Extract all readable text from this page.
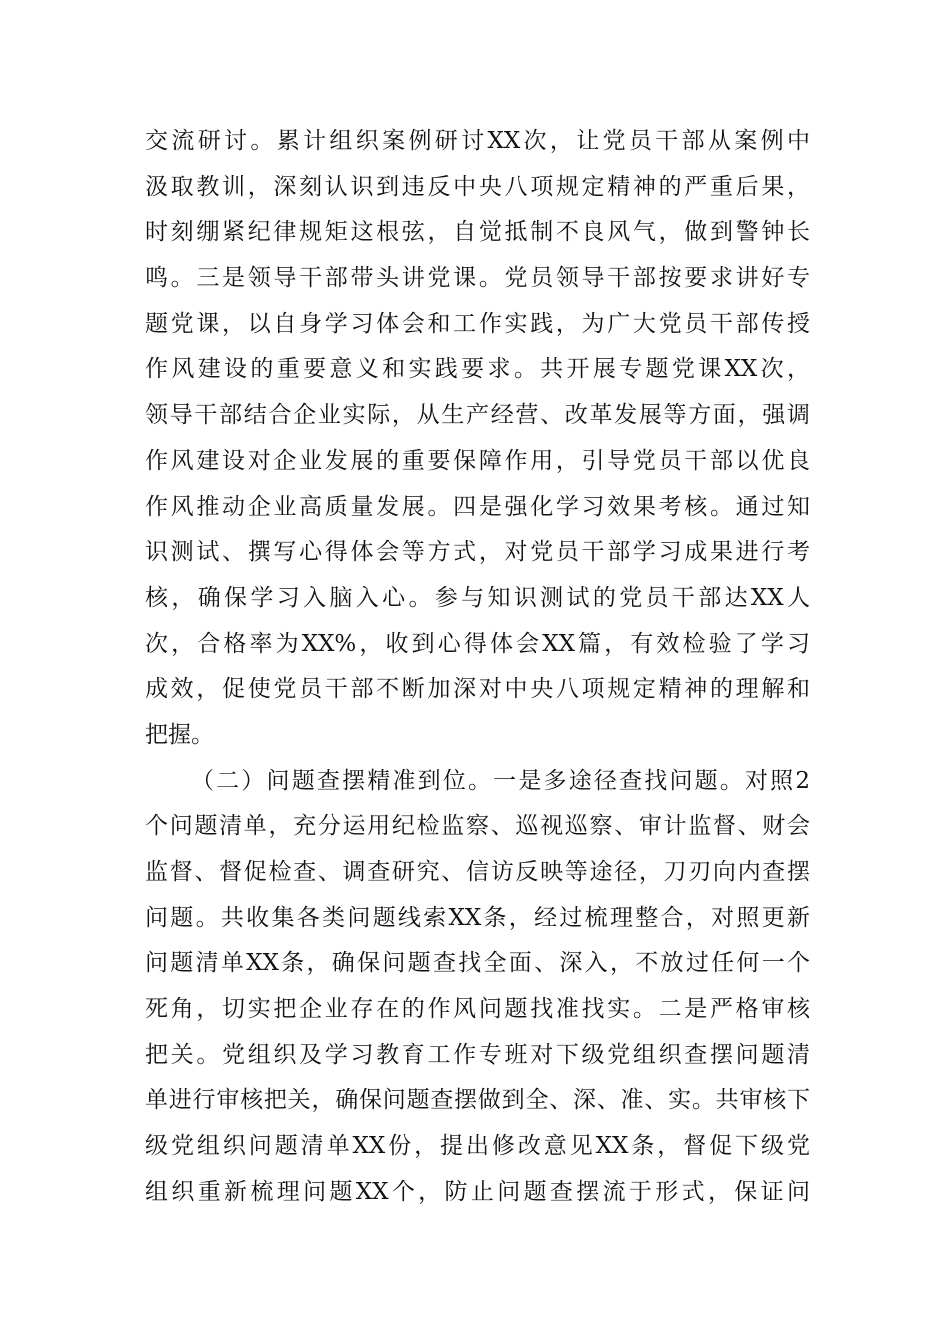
交流研讨。累计组织案例研讨XX次，让党员干部从案例中
汲取教训，深刻认识到违反中央八项规定精神的严重后果，
时刻绷紧纪律规矩这根弦，自觉抵制不良风气，做到警钟长
鸣。三是领导干部带头讲党课。党员领导干部按要求讲好专
题党课，以自身学习体会和工作实践，为广大党员干部传授
作风建设的重要意义和实践要求。共开展专题党课XX次，
领导干部结合企业实际，从生产经营、改革发展等方面，强调
作风建设对企业发展的重要保障作用，引导党员干部以优良
作风推动企业高质量发展。四是强化学习效果考核。通过知
识测试、撰写心得体会等方式，对党员干部学习成果进行考
核，确保学习入脑入心。参与知识测试的党员干部达XX人
次，合格率为XX%，收到心得体会XX篇，有效检验了学习
成效，促使党员干部不断加深对中央八项规定精神的理解和
把握。
（二）问题查摆精准到位。一是多途径查找问题。对照2
个问题清单，充分运用纪检监察、巡视巡察、审计监督、财会
监督、督促检查、调查研究、信访反映等途径，刀刃向内查摆
问题。共收集各类问题线索XX条，经过梳理整合，对照更新
问题清单XX条，确保问题查找全面、深入，不放过任何一个
死角，切实把企业存在的作风问题找准找实。二是严格审核
把关。党组织及学习教育工作专班对下级党组织查摆问题清
单进行审核把关，确保问题查摆做到全、深、准、实。共审核下
级党组织问题清单XX份，提出修改意见XX条，督促下级党
组织重新梳理问题XX个，防止问题查摆流于形式，保证问
